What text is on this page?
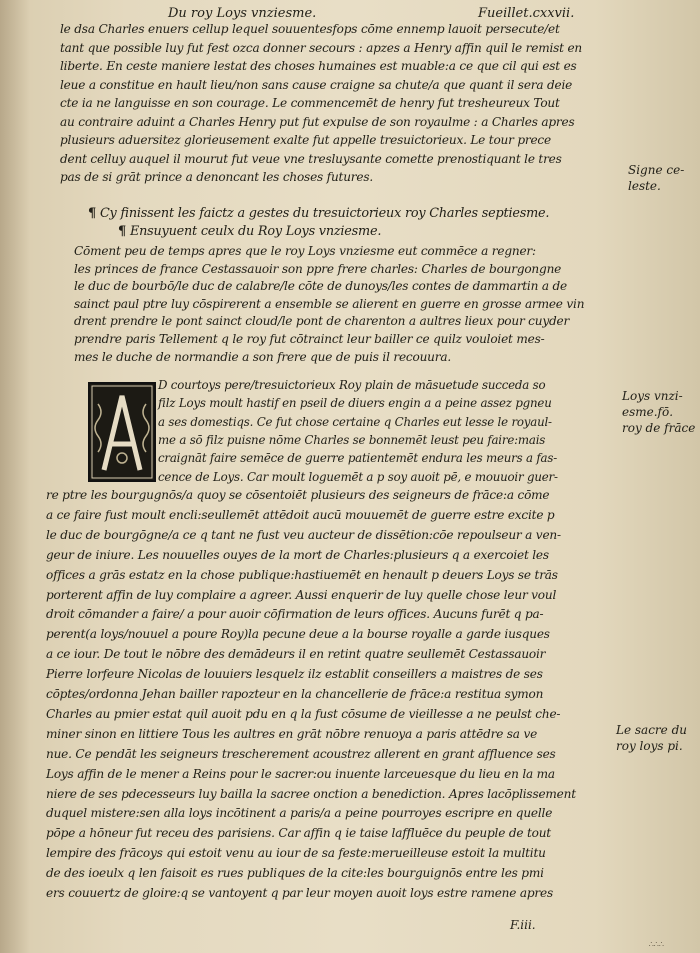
Du roy Loys vnziesme.	Fueillet.cxxvii.

le dsa Charles enuers cellup lequel souuentesfops cōme ennemp lauoit persecute/et

tant que possible luy fut fest ozca donner secours : apzes a Henry affin quil le remist en

liberte. En ceste maniere lestat des choses humaines est muable:a ce que cil qui est es

leue a constitue en hault lieu/non sans cause craigne sa chute/a que quant il sera deie

cte ia ne languisse en son courage. Le commencemēt de henry fut tresheureux Tout

au contraire aduint a Charles Henry put fut expulse de son royaulme : a Charles apres

plusieurs aduersitez glorieusement exalte fut appelle tresuictorieux. Le tour prece

dent celluy auquel il mourut fut veue vne tresluysante comette prenostiquant le tres

pas de si grāt prince a denoncant les choses futures.

¶ Cy finissent les faictz a gestes du tresuictorieux roy Charles septiesme.

¶ Ensuyuent ceulx du Roy Loys vnziesme.

Cōment peu de temps apres que le roy Loys vnziesme eut commēce a regner:

les princes de france Cestassauoir son ppre frere charles: Charles de bourgongne

le duc de bourbō/le duc de calabre/le cōte de dunoys/les contes de dammartin a de

sainct paul ptre luy cōspirerent a ensemble se alierent en guerre en grosse armee vin

drent prendre le pont sainct cloud/le pont de charenton a aultres lieux pour cuyder

prendre paris Tellement q le roy fut cōtrainct leur bailler ce quilz vouloiet mes-

mes le duche de normandie a son frere que de puis il recouura.

D courtoys pere/tresuictorieux Roy plain de māsuetude succeda so

filz Loys moult hastif en pseil de diuers engin a a peine assez pgneu

a ses domestiqs. Ce fut chose certaine q Charles eut lesse le royaul-

me a sō filz puisne nōme Charles se bonnemēt leust peu faire:mais

craignāt faire semēce de guerre patientemēt endura les meurs a fas-

cence de Loys. Car moult loguemēt a p soy auoit pē, e mouuoir guer-

re ptre les bourgugnōs/a quoy se cōsentoiēt plusieurs des seigneurs de frāce:a cōme

a ce faire fust moult encli:seullemēt attēdoit aucū mouuemēt de guerre estre excite p

le duc de bourgōgne/a ce q tant ne fust veu aucteur de dissētion:cōe repoulseur a ven-

geur de iniure. Les nouuelles ouyes de la mort de Charles:plusieurs q a exercoiet les

offices a grās estatz en la chose publique:hastiuemēt en henault p deuers Loys se trās

porterent affin de luy complaire a agreer. Aussi enquerir de luy quelle chose leur voul

droit cōmander a faire/ a pour auoir cōfirmation de leurs offices. Aucuns furēt q pa-

perent(a loys/nouuel a poure Roy)la pecune deue a la bourse royalle a garde iusques

a ce iour. De tout le nōbre des demādeurs il en retint quatre seullemēt Cestassauoir

Pierre lorfeure Nicolas de louuiers lesquelz ilz establit conseillers a maistres de ses

cōptes/ordonna Jehan bailler rapozteur en la chancellerie de frāce:a restitua symon

Charles au pmier estat quil auoit pdu en q la fust cōsume de vieillesse a ne peulst che-

miner sinon en littiere Tous les aultres en grāt nōbre renuoya a paris attēdre sa ve

nue. Ce pendāt les seigneurs trescherement acoustrez allerent en grant affluence ses

Loys affin de le mener a Reins pour le sacrer:ou inuente larceuesque du lieu en la ma

niere de ses pdecesseurs luy bailla la sacree onction a benediction. Apres lacōplissement

duquel mistere:sen alla loys incōtinent a paris/a a peine pourroyes escripre en quelle

pōpe a hōneur fut receu des parisiens. Car affin q ie taise laffluēce du peuple de tout

lempire des frācoys qui estoit venu au iour de sa feste:merueilleuse estoit la multitu

de des ioeulx q len faisoit es rues publiques de la cite:les bourguignōs entre les pmi

ers couuertz de gloire:q se vantoyent q par leur moyen auoit loys estre ramene apres

F.iii.
Signe ce-
leste.
Loys vnzi-
esme.fō.
roy de frāce
Le sacre du
roy loys pi.
∴∴∴
